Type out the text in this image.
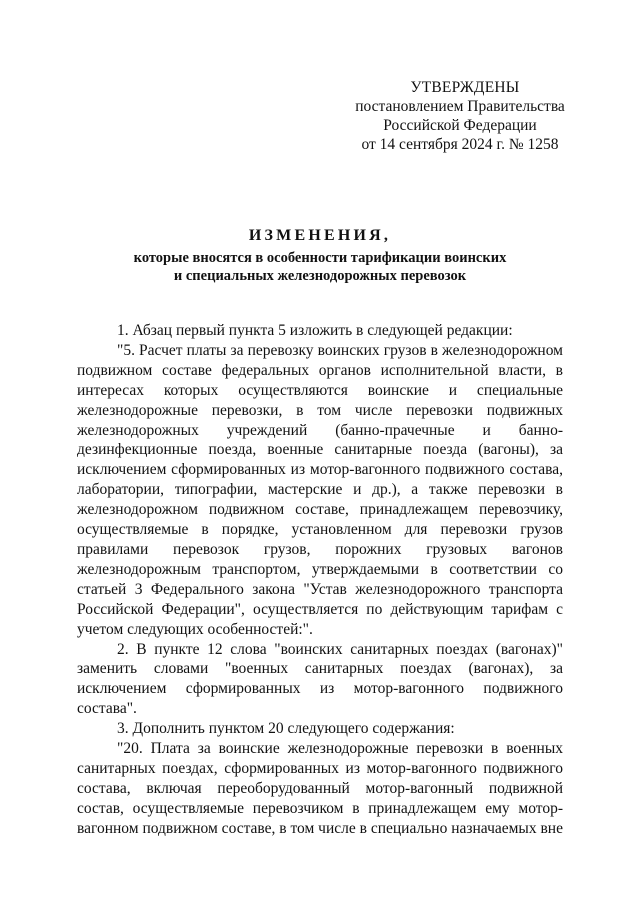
УТВЕРЖДЕНЫ
постановлением Правительства
Российской Федерации
от 14 сентября 2024 г. № 1258
ИЗМЕНЕНИЯ,
которые вносятся в особенности тарификации воинских
и специальных железнодорожных перевозок

1. Абзац первый пункта 5 изложить в следующей редакции:

"5. Расчет платы за перевозку воинских грузов в железнодорожном подвижном составе федеральных органов исполнительной власти, в интересах которых осуществляются воинские и специальные железнодорожные перевозки, в том числе перевозки подвижных железнодорожных учреждений (банно-прачечные и банно-дезинфекционные поезда, военные санитарные поезда (вагоны), за исключением сформированных из мотор-вагонного подвижного состава, лаборатории, типографии, мастерские и др.), а также перевозки в железнодорожном подвижном составе, принадлежащем перевозчику, осуществляемые в порядке, установленном для перевозки грузов правилами перевозок грузов, порожних грузовых вагонов железнодорожным транспортом, утверждаемыми в соответствии со статьей 3 Федерального закона "Устав железнодорожного транспорта Российской Федерации", осуществляется по действующим тарифам с учетом следующих особенностей:".

2. В пункте 12 слова "воинских санитарных поездах (вагонах)" заменить словами "военных санитарных поездах (вагонах), за исключением сформированных из мотор-вагонного подвижного состава".

3. Дополнить пунктом 20 следующего содержания:

"20. Плата за воинские железнодорожные перевозки в военных санитарных поездах, сформированных из мотор-вагонного подвижного состава, включая переоборудованный мотор-вагонный подвижной состав, осуществляемые перевозчиком в принадлежащем ему мотор-вагонном подвижном составе, в том числе в специально назначаемых вне
